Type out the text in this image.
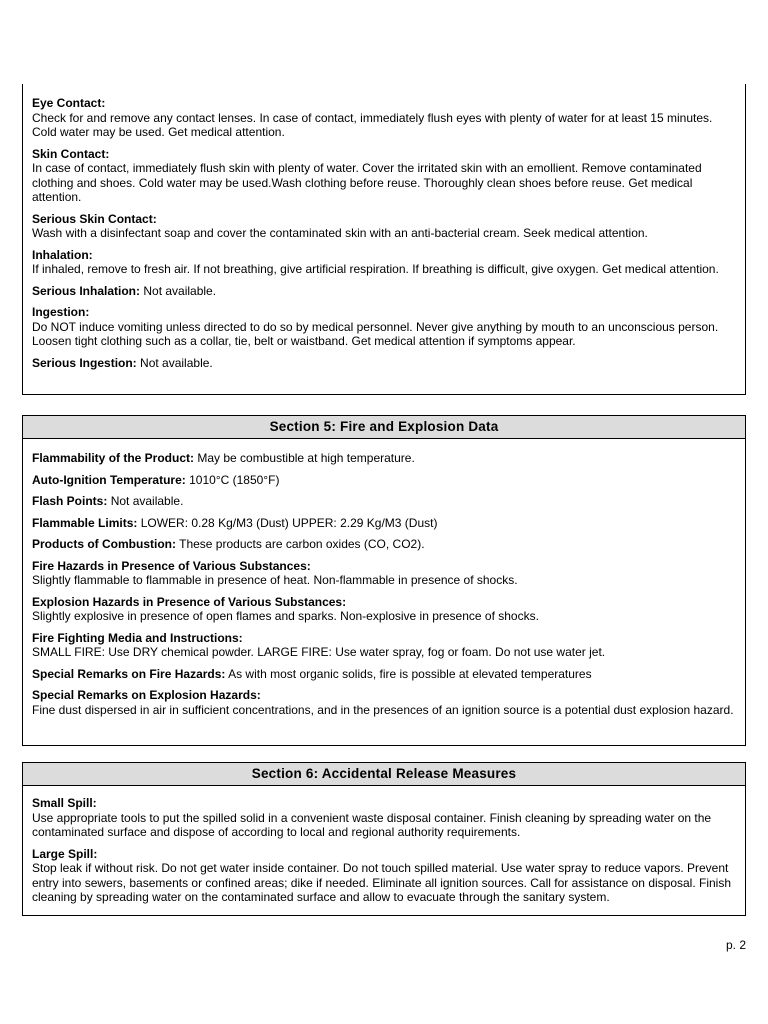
Eye Contact:
Check for and remove any contact lenses. In case of contact, immediately flush eyes with plenty of water for at least 15 minutes. Cold water may be used. Get medical attention.
Skin Contact:
In case of contact, immediately flush skin with plenty of water. Cover the irritated skin with an emollient. Remove contaminated clothing and shoes. Cold water may be used.Wash clothing before reuse. Thoroughly clean shoes before reuse. Get medical attention.
Serious Skin Contact:
Wash with a disinfectant soap and cover the contaminated skin with an anti-bacterial cream. Seek medical attention.
Inhalation:
If inhaled, remove to fresh air. If not breathing, give artificial respiration. If breathing is difficult, give oxygen. Get medical attention.
Serious Inhalation: Not available.
Ingestion:
Do NOT induce vomiting unless directed to do so by medical personnel. Never give anything by mouth to an unconscious person. Loosen tight clothing such as a collar, tie, belt or waistband. Get medical attention if symptoms appear.
Serious Ingestion: Not available.
Section 5: Fire and Explosion Data
Flammability of the Product: May be combustible at high temperature.
Auto-Ignition Temperature: 1010°C (1850°F)
Flash Points: Not available.
Flammable Limits: LOWER: 0.28 Kg/M3 (Dust) UPPER: 2.29 Kg/M3 (Dust)
Products of Combustion: These products are carbon oxides (CO, CO2).
Fire Hazards in Presence of Various Substances:
Slightly flammable to flammable in presence of heat. Non-flammable in presence of shocks.
Explosion Hazards in Presence of Various Substances:
Slightly explosive in presence of open flames and sparks. Non-explosive in presence of shocks.
Fire Fighting Media and Instructions:
SMALL FIRE: Use DRY chemical powder. LARGE FIRE: Use water spray, fog or foam. Do not use water jet.
Special Remarks on Fire Hazards: As with most organic solids, fire is possible at elevated temperatures
Special Remarks on Explosion Hazards:
Fine dust dispersed in air in sufficient concentrations, and in the presences of an ignition source is a potential dust explosion hazard.
Section 6: Accidental Release Measures
Small Spill:
Use appropriate tools to put the spilled solid in a convenient waste disposal container. Finish cleaning by spreading water on the contaminated surface and dispose of according to local and regional authority requirements.
Large Spill:
Stop leak if without risk. Do not get water inside container. Do not touch spilled material. Use water spray to reduce vapors. Prevent entry into sewers, basements or confined areas; dike if needed. Eliminate all ignition sources. Call for assistance on disposal. Finish cleaning by spreading water on the contaminated surface and allow to evacuate through the sanitary system.
p. 2
